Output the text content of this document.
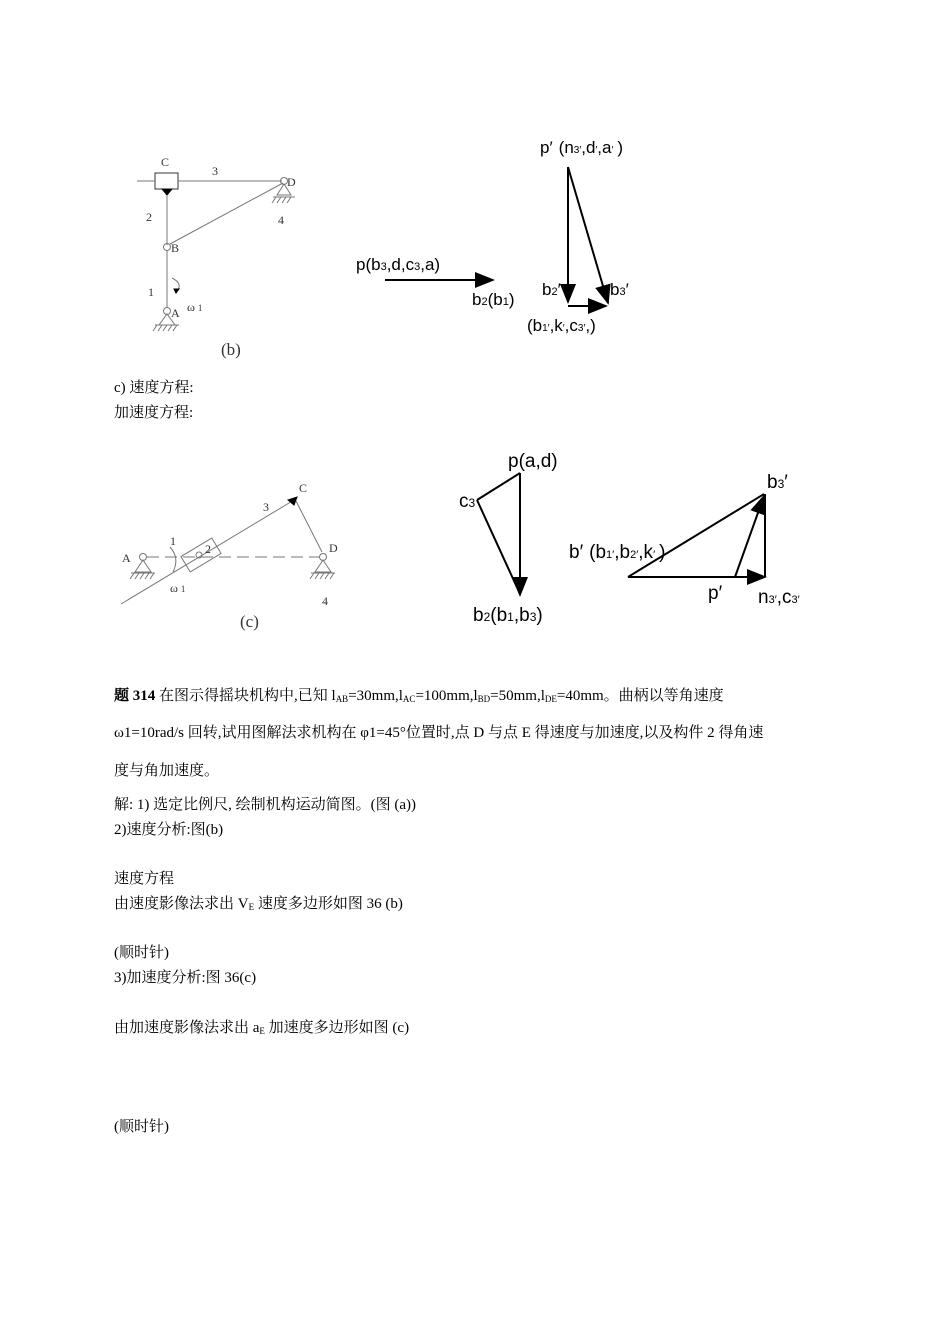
C
3
D
2	4
B
1
A ω 1
(b)
p(b3,d,c3,a)
b2(b1)
p′ (n3′,d′,a′ )
b2′	b3′
(b1′,k′,c3′,)
A
1
2
3
C
D
4
ω 1
(c)
p(a,d)
c3
b2(b1,b3)
b3′
b′ (b1′,b2′,k′ )
p′ n3′,c3′
c) 速度方程:
加速度方程:
题 314 在图示得摇块机构中,已知 $l_{AB}=30mm,l_{AC}=100mm,l_{BD}=50mm,l_{DE}=40mm$。曲柄以等角速度
ω1=10rad/s 回转,试用图解法求机构在 φ1=45°位置时,点 D 与点 E 得速度与加速度,以及构件 2 得角速
度与角加速度。
解: 1) 选定比例尺, 绘制机构运动简图。(图 (a))
2)速度分析:图(b)
速度方程
由速度影像法求出 $V_E$ 速度多边形如图 36 (b)
(顺时针)
3)加速度分析:图 36(c)
由加速度影像法求出 $a_E$ 加速度多边形如图 (c)
(顺时针)
